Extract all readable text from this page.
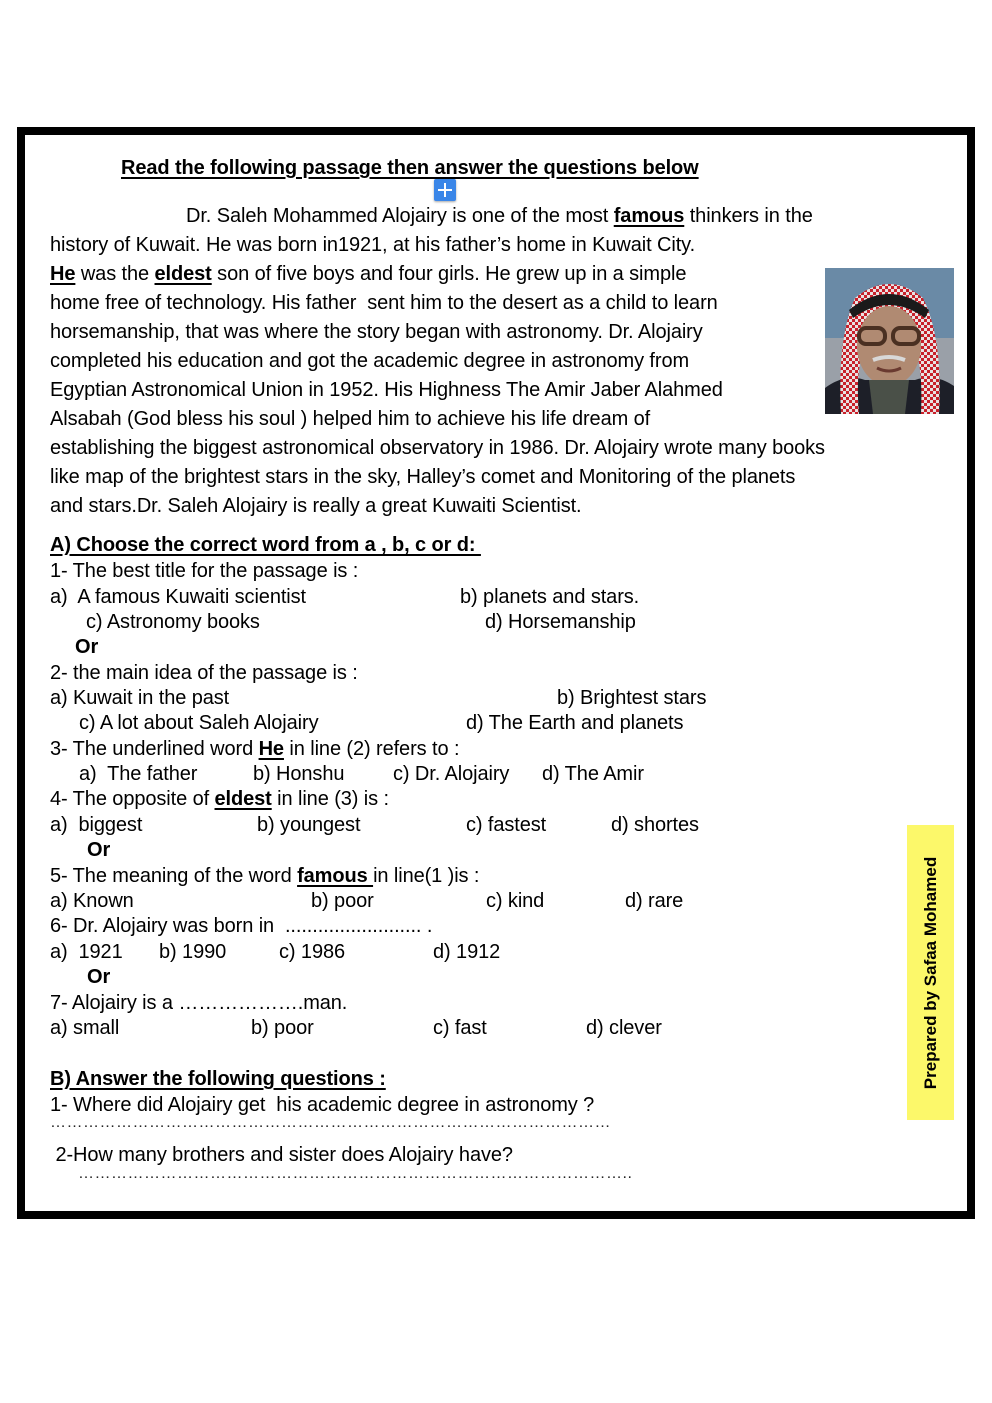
Read the following passage then answer the questions below
Dr. Saleh Mohammed Alojairy is one of the most famous thinkers in the
history of Kuwait. He was born in1921, at his father’s home in Kuwait City.
He was the eldest son of five boys and four girls. He grew up in a simple
home free of technology. His father  sent him to the desert as a child to learn
horsemanship, that was where the story began with astronomy. Dr. Alojairy
completed his education and got the academic degree in astronomy from
Egyptian Astronomical Union in 1952. His Highness The Amir Jaber Alahmed
Alsabah (God bless his soul ) helped him to achieve his life dream of
establishing the biggest astronomical observatory in 1986. Dr. Alojairy wrote many books
like map of the brightest stars in the sky, Halley’s comet and Monitoring of the planets
and stars.Dr. Saleh Alojairy is really a great Kuwaiti Scientist.
A) Choose the correct word from a , b, c or d:
1- The best title for the passage is :
a)  A famous Kuwaiti scientist	b) planets and stars.
c) Astronomy books	d) Horsemanship
Or
2- the main idea of the passage is :
a) Kuwait in the past	b) Brightest stars
c) A lot about Saleh Alojairy	d) The Earth and planets
3- The underlined word He in line (2) refers to :
a)  The father	b) Honshu c) Dr. Alojairy d) The Amir
4- The opposite of eldest in line (3) is :
a)  biggest	b) youngest	c) fastest	d) shortes
Or
5- The meaning of the word famous in line(1 )is :
a) Known	b) poor	c) kind	d) rare
6- Dr. Alojairy was born in  ......................... .
a)  1921 b) 1990	c) 1986	d) 1912
Or
7- Alojairy is a ……………….man.
a) small	b) poor	c) fast	d) clever
B) Answer the following questions :
1- Where did Alojairy get  his academic degree in astronomy ?
…………………………………………………………………………………………
2-How many brothers and sister does Alojairy have?
………………………………………………………………………………………..
Prepared by Safaa Mohamed
